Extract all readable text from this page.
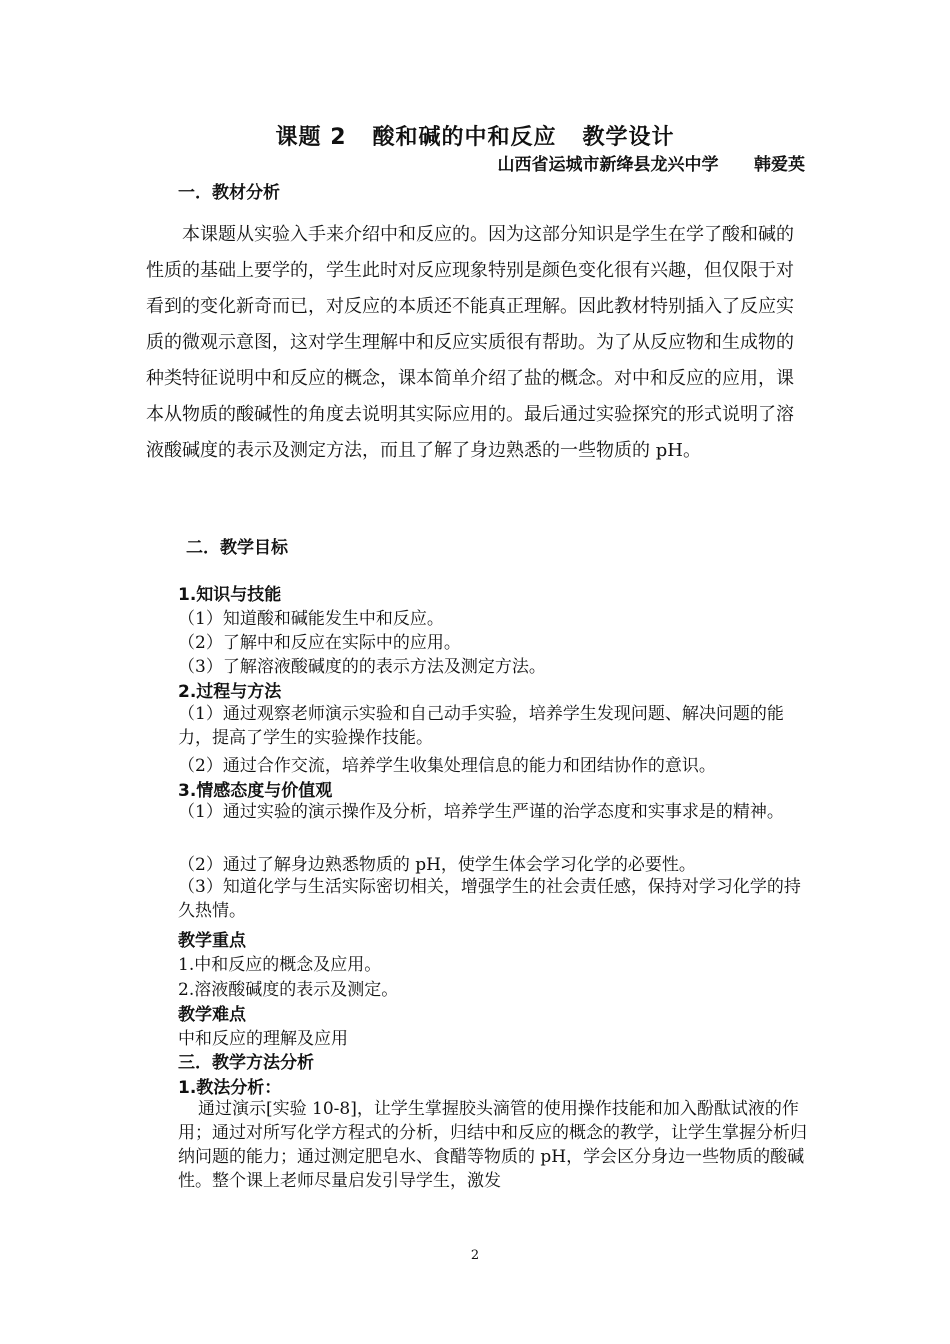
课题 2   酸和碱的中和反应   教学设计
山西省运城市新绛县龙兴中学      韩爱英
一．教材分析

本课题从实验入手来介绍中和反应的。因为这部分知识是学生在学了酸和碱的性质的基础上要学的，学生此时对反应现象特别是颜色变化很有兴趣，但仅限于对看到的变化新奇而已，对反应的本质还不能真正理解。因此教材特别插入了反应实质的微观示意图，这对学生理解中和反应实质很有帮助。为了从反应物和生成物的种类特征说明中和反应的概念，课本简单介绍了盐的概念。对中和反应的应用，课本从物质的酸碱性的角度去说明其实际应用的。最后通过实验探究的形式说明了溶液酸碱度的表示及测定方法，而且了解了身边熟悉的一些物质的 pH。

二．教学目标
1.知识与技能
（1）知道酸和碱能发生中和反应。
（2）了解中和反应在实际中的应用。
（3）了解溶液酸碱度的的表示方法及测定方法。
2.过程与方法
（1）通过观察老师演示实验和自己动手实验，培养学生发现问题、解决问题的能力，提高了学生的实验操作技能。
（2）通过合作交流，培养学生收集处理信息的能力和团结协作的意识。
3.情感态度与价值观
（1）通过实验的演示操作及分析，培养学生严谨的治学态度和实事求是的精神。
（2）通过了解身边熟悉物质的 pH，使学生体会学习化学的必要性。
（3）知道化学与生活实际密切相关，增强学生的社会责任感，保持对学习化学的持久热情。
教学重点
1.中和反应的概念及应用。
2.溶液酸碱度的表示及测定。
教学难点
中和反应的理解及应用
三．教学方法分析
1.教法分析：
通过演示[实验 10-8]，让学生掌握胶头滴管的使用操作技能和加入酚酞试液的作用；通过对所写化学方程式的分析，归结中和反应的概念的教学，让学生掌握分析归纳问题的能力；通过测定肥皂水、食醋等物质的 pH，学会区分身边一些物质的酸碱性。整个课上老师尽量启发引导学生，激发
2
